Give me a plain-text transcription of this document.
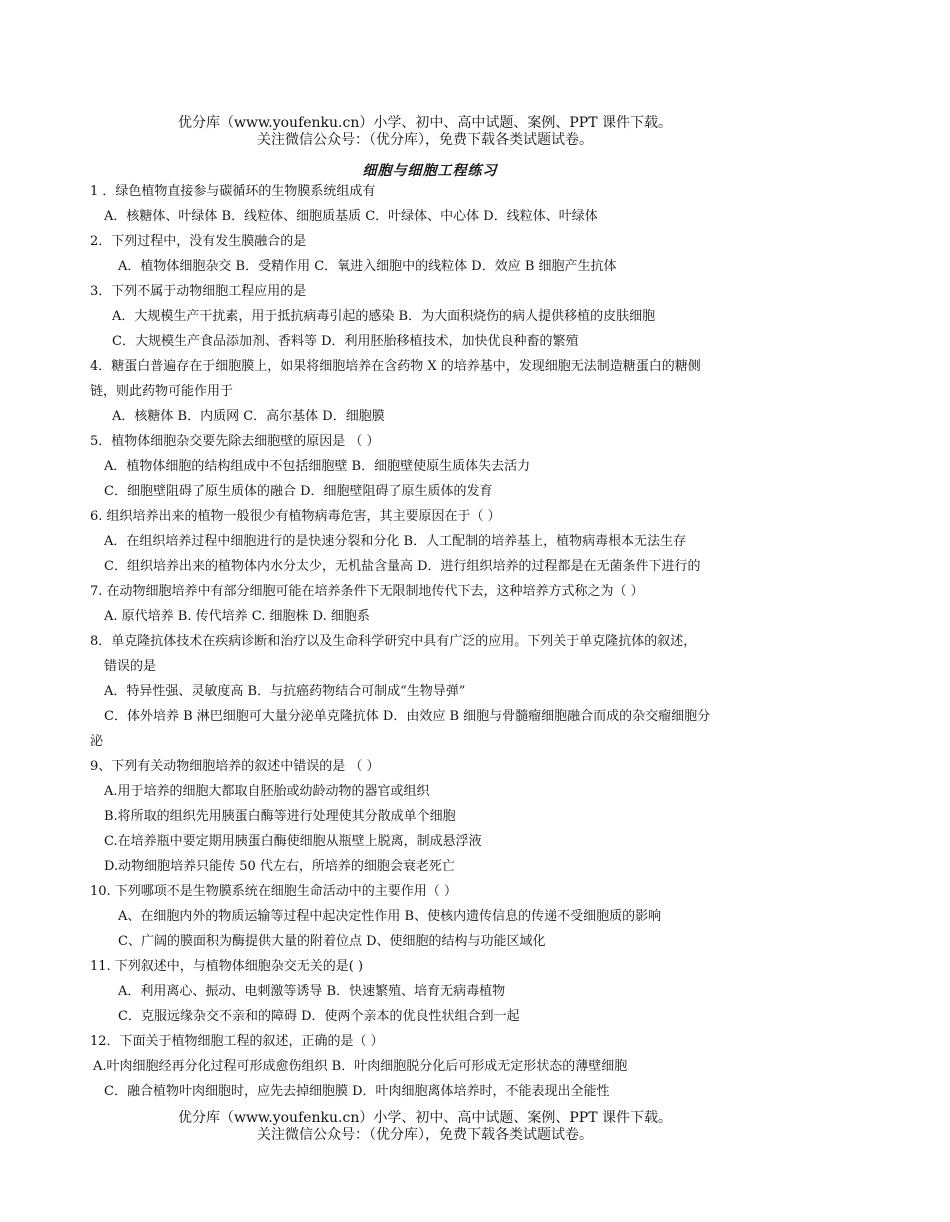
优分库（www.youfenku.cn）小学、初中、高中试题、案例、PPT 课件下载。
关注微信公众号：（优分库），免费下载各类试题试卷。
细胞与细胞工程练习
1 ．绿色植物直接参与碳循环的生物膜系统组成有
A．核糖体、叶绿体 B．线粒体、细胞质基质 C．叶绿体、中心体 D．线粒体、叶绿体
2．下列过程中，没有发生膜融合的是
A．植物体细胞杂交 B．受精作用 C．氧进入细胞中的线粒体 D．效应 B 细胞产生抗体
3．下列不属于动物细胞工程应用的是
A．大规模生产干扰素，用于抵抗病毒引起的感染 B．为大面积烧伤的病人提供移植的皮肤细胞
C．大规模生产食品添加剂、香料等 D．利用胚胎移植技术，加快优良种畜的繁殖
4．糖蛋白普遍存在于细胞膜上，如果将细胞培养在含药物 X 的培养基中，发现细胞无法制造糖蛋白的糖侧
链，则此药物可能作用于
A．核糖体 B．内质网 C．高尔基体 D．细胞膜
5．植物体细胞杂交要先除去细胞壁的原因是 （ ）
A．植物体细胞的结构组成中不包括细胞壁 B．细胞壁使原生质体失去活力
C．细胞壁阻碍了原生质体的融合 D．细胞壁阻碍了原生质体的发育
6. 组织培养出来的植物一般很少有植物病毒危害，其主要原因在于（ ）
A．在组织培养过程中细胞进行的是快速分裂和分化 B．人工配制的培养基上，植物病毒根本无法生存
C．组织培养出来的植物体内水分太少，无机盐含量高 D．进行组织培养的过程都是在无菌条件下进行的
7. 在动物细胞培养中有部分细胞可能在培养条件下无限制地传代下去，这种培养方式称之为（ ）
A. 原代培养 B. 传代培养 C. 细胞株 D. 细胞系
8．单克隆抗体技术在疾病诊断和治疗以及生命科学研究中具有广泛的应用。下列关于单克隆抗体的叙述，
错误的是
A．特异性强、灵敏度高 B．与抗癌药物结合可制成“生物导弹”
C．体外培养 B 淋巴细胞可大量分泌单克隆抗体 D．由效应 B 细胞与骨髓瘤细胞融合而成的杂交瘤细胞分
泌
9、下列有关动物细胞培养的叙述中错误的是 （ ）
A.用于培养的细胞大都取自胚胎或幼龄动物的器官或组织
B.将所取的组织先用胰蛋白酶等进行处理使其分散成单个细胞
C.在培养瓶中要定期用胰蛋白酶使细胞从瓶壁上脱离，制成悬浮液
D.动物细胞培养只能传 50 代左右，所培养的细胞会衰老死亡
10. 下列哪项不是生物膜系统在细胞生命活动中的主要作用（ ）
A、在细胞内外的物质运输等过程中起决定性作用 B、使核内遗传信息的传递不受细胞质的影响
C、广阔的膜面积为酶提供大量的附着位点 D、使细胞的结构与功能区域化
11. 下列叙述中，与植物体细胞杂交无关的是( )
A．利用离心、振动、电刺激等诱导 B．快速繁殖、培育无病毒植物
C．克服远缘杂交不亲和的障碍 D．使两个亲本的优良性状组合到一起
12．下面关于植物细胞工程的叙述，正确的是（ ）
A.叶肉细胞经再分化过程可形成愈伤组织 B．叶肉细胞脱分化后可形成无定形状态的薄壁细胞
C．融合植物叶肉细胞时，应先去掉细胞膜 D．叶肉细胞离体培养时，不能表现出全能性
优分库（www.youfenku.cn）小学、初中、高中试题、案例、PPT 课件下载。
关注微信公众号：（优分库），免费下载各类试题试卷。
